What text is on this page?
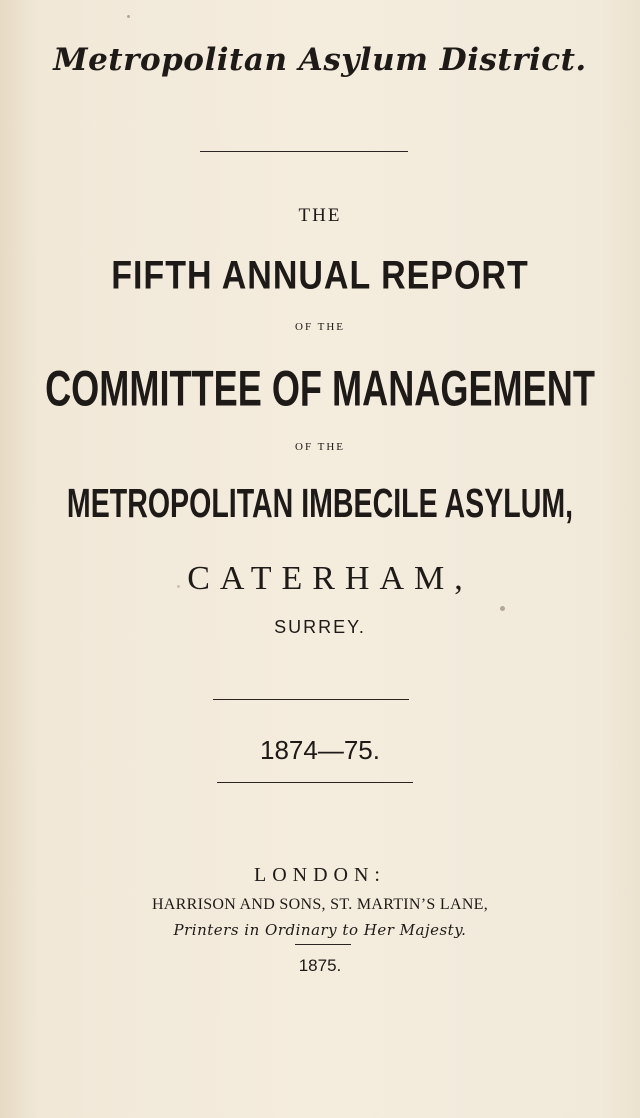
Metropolitan Asylum District.
THE
FIFTH ANNUAL REPORT
OF THE
COMMITTEE OF MANAGEMENT
OF THE
METROPOLITAN IMBECILE ASYLUM,
CATERHAM,
SURREY.
1874—75.
LONDON:
HARRISON AND SONS, ST. MARTIN’S LANE,
Printers in Ordinary to Her Majesty.
1875.
